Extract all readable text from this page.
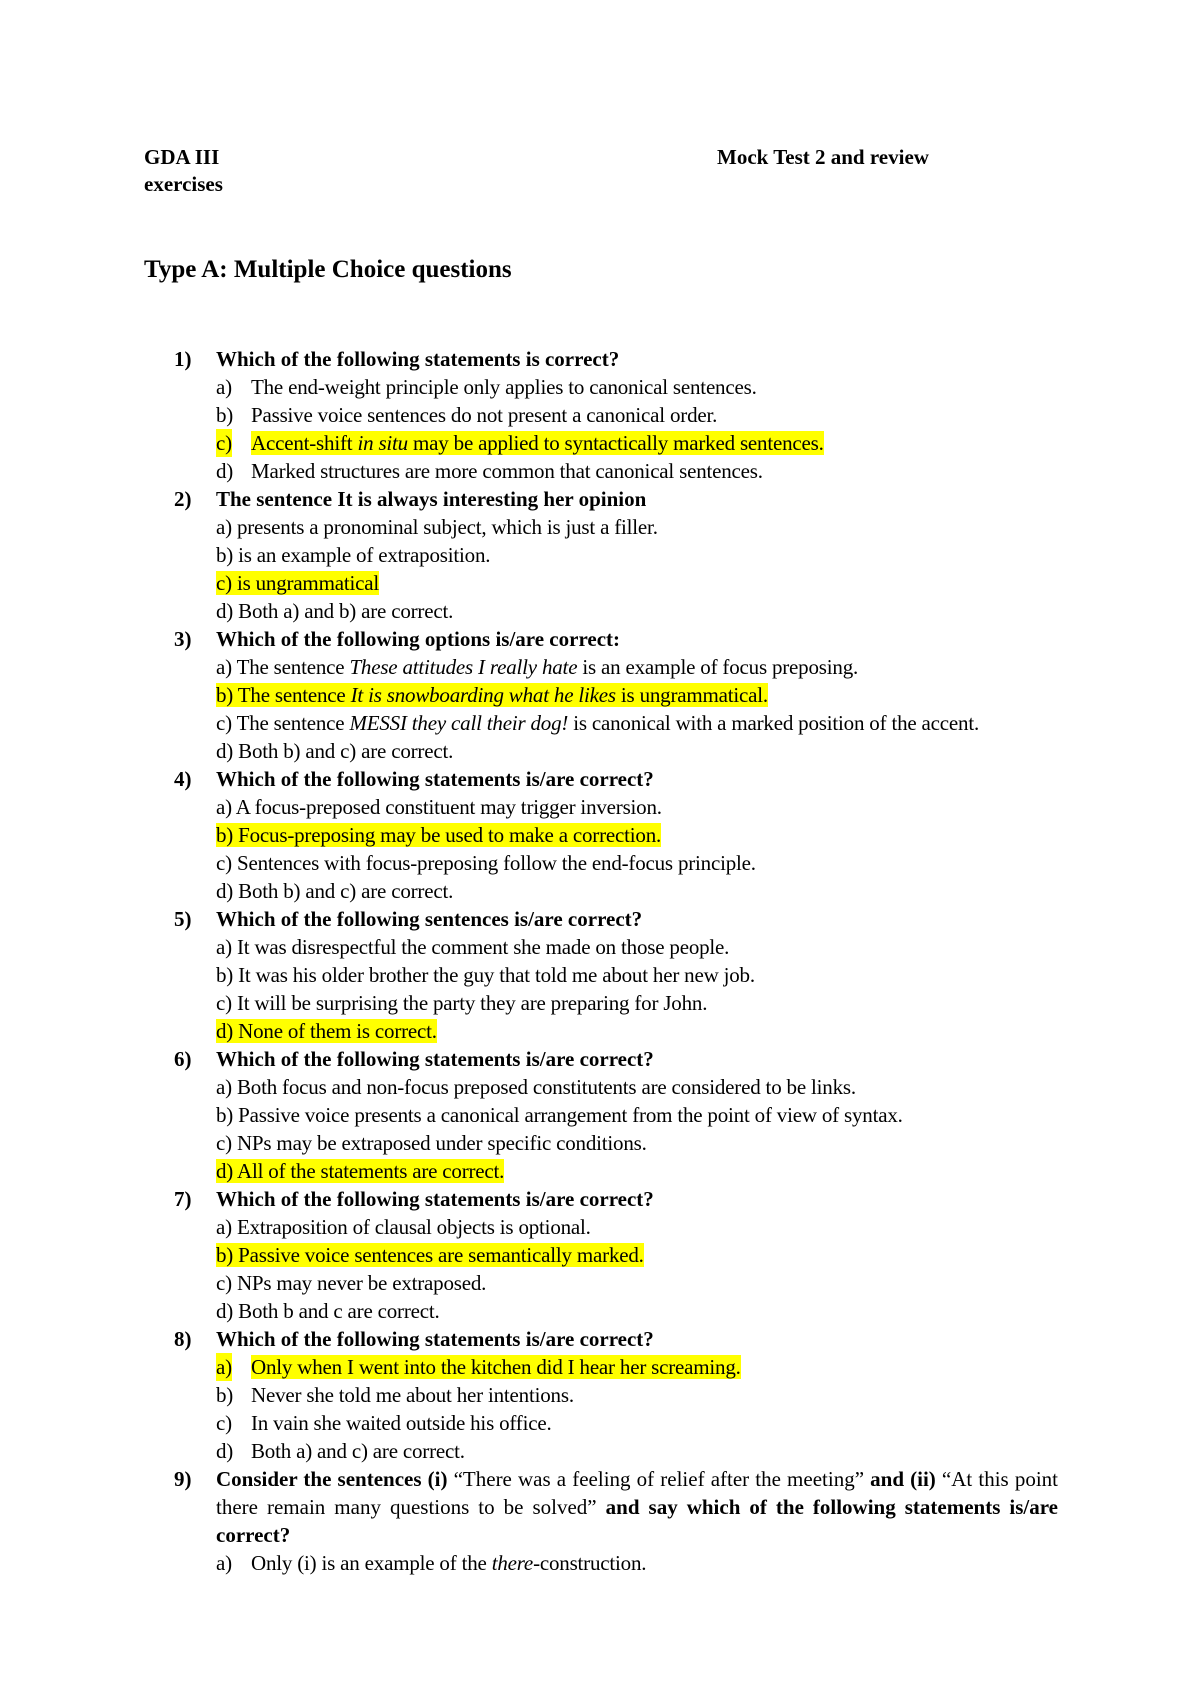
GDA III
exercises
Mock Test 2 and review
Type A: Multiple Choice questions
1) Which of the following statements is correct?
a) The end-weight principle only applies to canonical sentences.
b) Passive voice sentences do not present a canonical order.
c) Accent-shift in situ may be applied to syntactically marked sentences.
d) Marked structures are more common that canonical sentences.
2) The sentence It is always interesting her opinion
a) presents a pronominal subject, which is just a filler.
b) is an example of extraposition.
c) is ungrammatical
d) Both a) and b) are correct.
3) Which of the following options is/are correct:
a) The sentence These attitudes I really hate is an example of focus preposing.
b) The sentence It is snowboarding what he likes is ungrammatical.
c) The sentence MESSI they call their dog! is canonical with a marked position of the accent.
d) Both b) and c) are correct.
4) Which of the following statements is/are correct?
a) A focus-preposed constituent may trigger inversion.
b) Focus-preposing may be used to make a correction.
c) Sentences with focus-preposing follow the end-focus principle.
d) Both b) and c) are correct.
5) Which of the following sentences is/are correct?
a) It was disrespectful the comment she made on those people.
b) It was his older brother the guy that told me about her new job.
c) It will be surprising the party they are preparing for John.
d) None of them is correct.
6) Which of the following statements is/are correct?
a) Both focus and non-focus preposed constitutents are considered to be links.
b) Passive voice presents a canonical arrangement from the point of view of syntax.
c) NPs may be extraposed under specific conditions.
d) All of the statements are correct.
7) Which of the following statements is/are correct?
a) Extraposition of clausal objects is optional.
b) Passive voice sentences are semantically marked.
c) NPs may never be extraposed.
d) Both b and c are correct.
8) Which of the following statements is/are correct?
a) Only when I went into the kitchen did I hear her screaming.
b) Never she told me about her intentions.
c) In vain she waited outside his office.
d) Both a) and c) are correct.
9) Consider the sentences (i) “There was a feeling of relief after the meeting” and (ii) “At this point there remain many questions to be solved” and say which of the following statements is/are correct?
a) Only (i) is an example of the there-construction.
